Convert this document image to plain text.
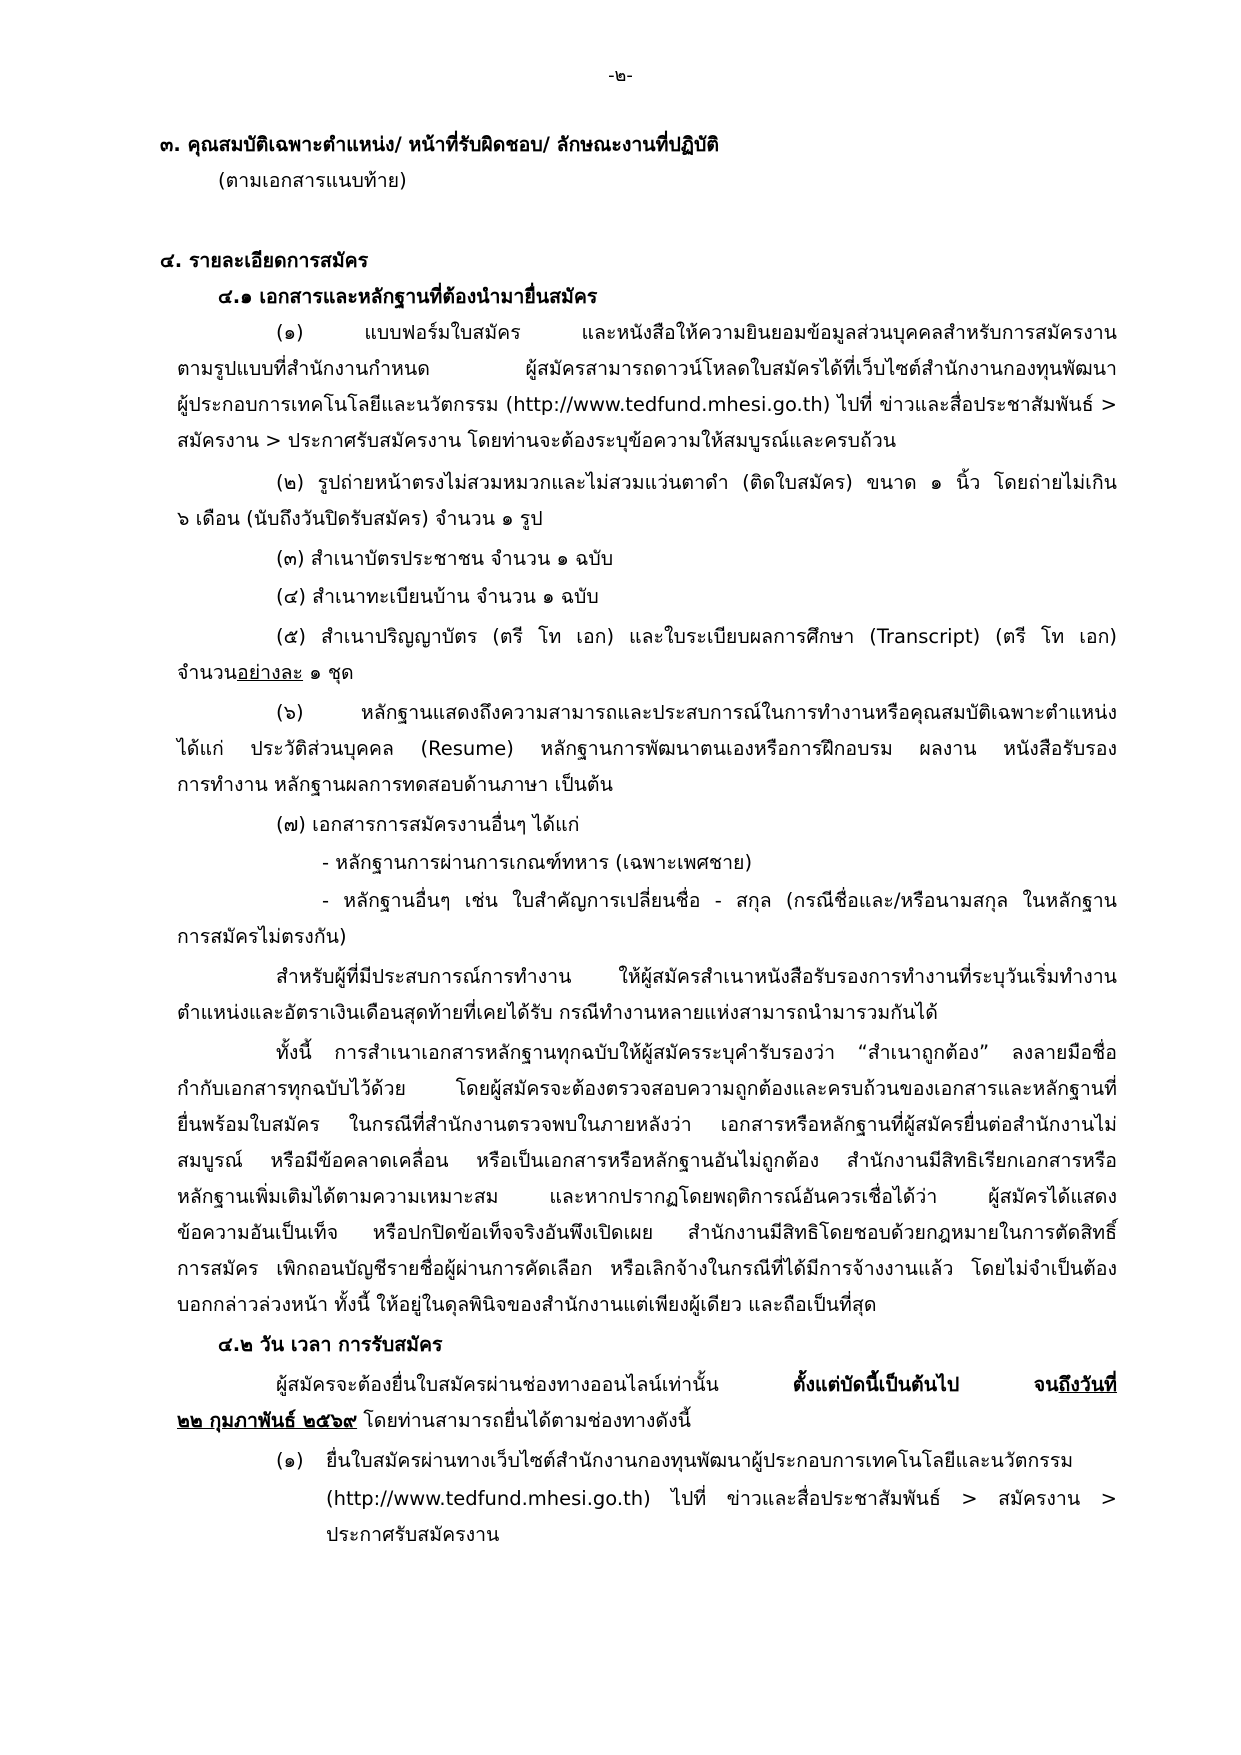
-๒-
๓. คุณสมบัติเฉพาะตำแหน่ง/ หน้าที่รับผิดชอบ/ ลักษณะงานที่ปฏิบัติ
(ตามเอกสารแนบท้าย)
๔. รายละเอียดการสมัคร
๔.๑ เอกสารและหลักฐานที่ต้องนำมายื่นสมัคร
(๑) แบบฟอร์มใบสมัคร และหนังสือให้ความยินยอมข้อมูลส่วนบุคคลสำหรับการสมัครงาน
ตามรูปแบบที่สำนักงานกำหนด ผู้สมัครสามารถดาวน์โหลดใบสมัครได้ที่เว็บไซต์สำนักงานกองทุนพัฒนา
ผู้ประกอบการเทคโนโลยีและนวัตกรรม (http://www.tedfund.mhesi.go.th) ไปที่ ข่าวและสื่อประชาสัมพันธ์ >
สมัครงาน > ประกาศรับสมัครงาน โดยท่านจะต้องระบุข้อความให้สมบูรณ์และครบถ้วน
(๒) รูปถ่ายหน้าตรงไม่สวมหมวกและไม่สวมแว่นตาดำ (ติดใบสมัคร) ขนาด ๑ นิ้ว โดยถ่ายไม่เกิน
๖ เดือน (นับถึงวันปิดรับสมัคร) จำนวน ๑ รูป
(๓) สำเนาบัตรประชาชน จำนวน ๑ ฉบับ
(๔) สำเนาทะเบียนบ้าน จำนวน ๑ ฉบับ
(๕) สำเนาปริญญาบัตร (ตรี โท เอก) และใบระเบียบผลการศึกษา (Transcript) (ตรี โท เอก)
จำนวนอย่างละ ๑ ชุด
(๖) หลักฐานแสดงถึงความสามารถและประสบการณ์ในการทำงานหรือคุณสมบัติเฉพาะตำแหน่ง
ได้แก่ ประวัติส่วนบุคคล (Resume) หลักฐานการพัฒนาตนเองหรือการฝึกอบรม ผลงาน หนังสือรับรอง
การทำงาน หลักฐานผลการทดสอบด้านภาษา เป็นต้น
(๗) เอกสารการสมัครงานอื่นๆ ได้แก่
- หลักฐานการผ่านการเกณฑ์ทหาร (เฉพาะเพศชาย)
- หลักฐานอื่นๆ เช่น ใบสำคัญการเปลี่ยนชื่อ - สกุล (กรณีชื่อและ/หรือนามสกุล ในหลักฐาน
การสมัครไม่ตรงกัน)
สำหรับผู้ที่มีประสบการณ์การทำงาน ให้ผู้สมัครสำเนาหนังสือรับรองการทำงานที่ระบุวันเริ่มทำงาน
ตำแหน่งและอัตราเงินเดือนสุดท้ายที่เคยได้รับ กรณีทำงานหลายแห่งสามารถนำมารวมกันได้
ทั้งนี้ การสำเนาเอกสารหลักฐานทุกฉบับให้ผู้สมัครระบุคำรับรองว่า “สำเนาถูกต้อง” ลงลายมือชื่อ
กำกับเอกสารทุกฉบับไว้ด้วย โดยผู้สมัครจะต้องตรวจสอบความถูกต้องและครบถ้วนของเอกสารและหลักฐานที่
ยื่นพร้อมใบสมัคร ในกรณีที่สำนักงานตรวจพบในภายหลังว่า เอกสารหรือหลักฐานที่ผู้สมัครยื่นต่อสำนักงานไม่
สมบูรณ์ หรือมีข้อคลาดเคลื่อน หรือเป็นเอกสารหรือหลักฐานอันไม่ถูกต้อง สำนักงานมีสิทธิเรียกเอกสารหรือ
หลักฐานเพิ่มเติมได้ตามความเหมาะสม และหากปรากฏโดยพฤติการณ์อันควรเชื่อได้ว่า ผู้สมัครได้แสดง
ข้อความอันเป็นเท็จ หรือปกปิดข้อเท็จจริงอันพึงเปิดเผย สำนักงานมีสิทธิโดยชอบด้วยกฎหมายในการตัดสิทธิ์
การสมัคร เพิกถอนบัญชีรายชื่อผู้ผ่านการคัดเลือก หรือเลิกจ้างในกรณีที่ได้มีการจ้างงานแล้ว โดยไม่จำเป็นต้อง
บอกกล่าวล่วงหน้า ทั้งนี้ ให้อยู่ในดุลพินิจของสำนักงานแต่เพียงผู้เดียว และถือเป็นที่สุด
๔.๒ วัน เวลา การรับสมัคร
ผู้สมัครจะต้องยื่นใบสมัครผ่านช่องทางออนไลน์เท่านั้น ตั้งแต่บัดนี้เป็นต้นไป จนถึงวันที่
๒๒ กุมภาพันธ์ ๒๕๖๙ โดยท่านสามารถยื่นได้ตามช่องทางดังนี้
(๑) ยื่นใบสมัครผ่านทางเว็บไซต์สำนักงานกองทุนพัฒนาผู้ประกอบการเทคโนโลยีและนวัตกรรม
(http://www.tedfund.mhesi.go.th) ไปที่ ข่าวและสื่อประชาสัมพันธ์ > สมัครงาน >
ประกาศรับสมัครงาน
